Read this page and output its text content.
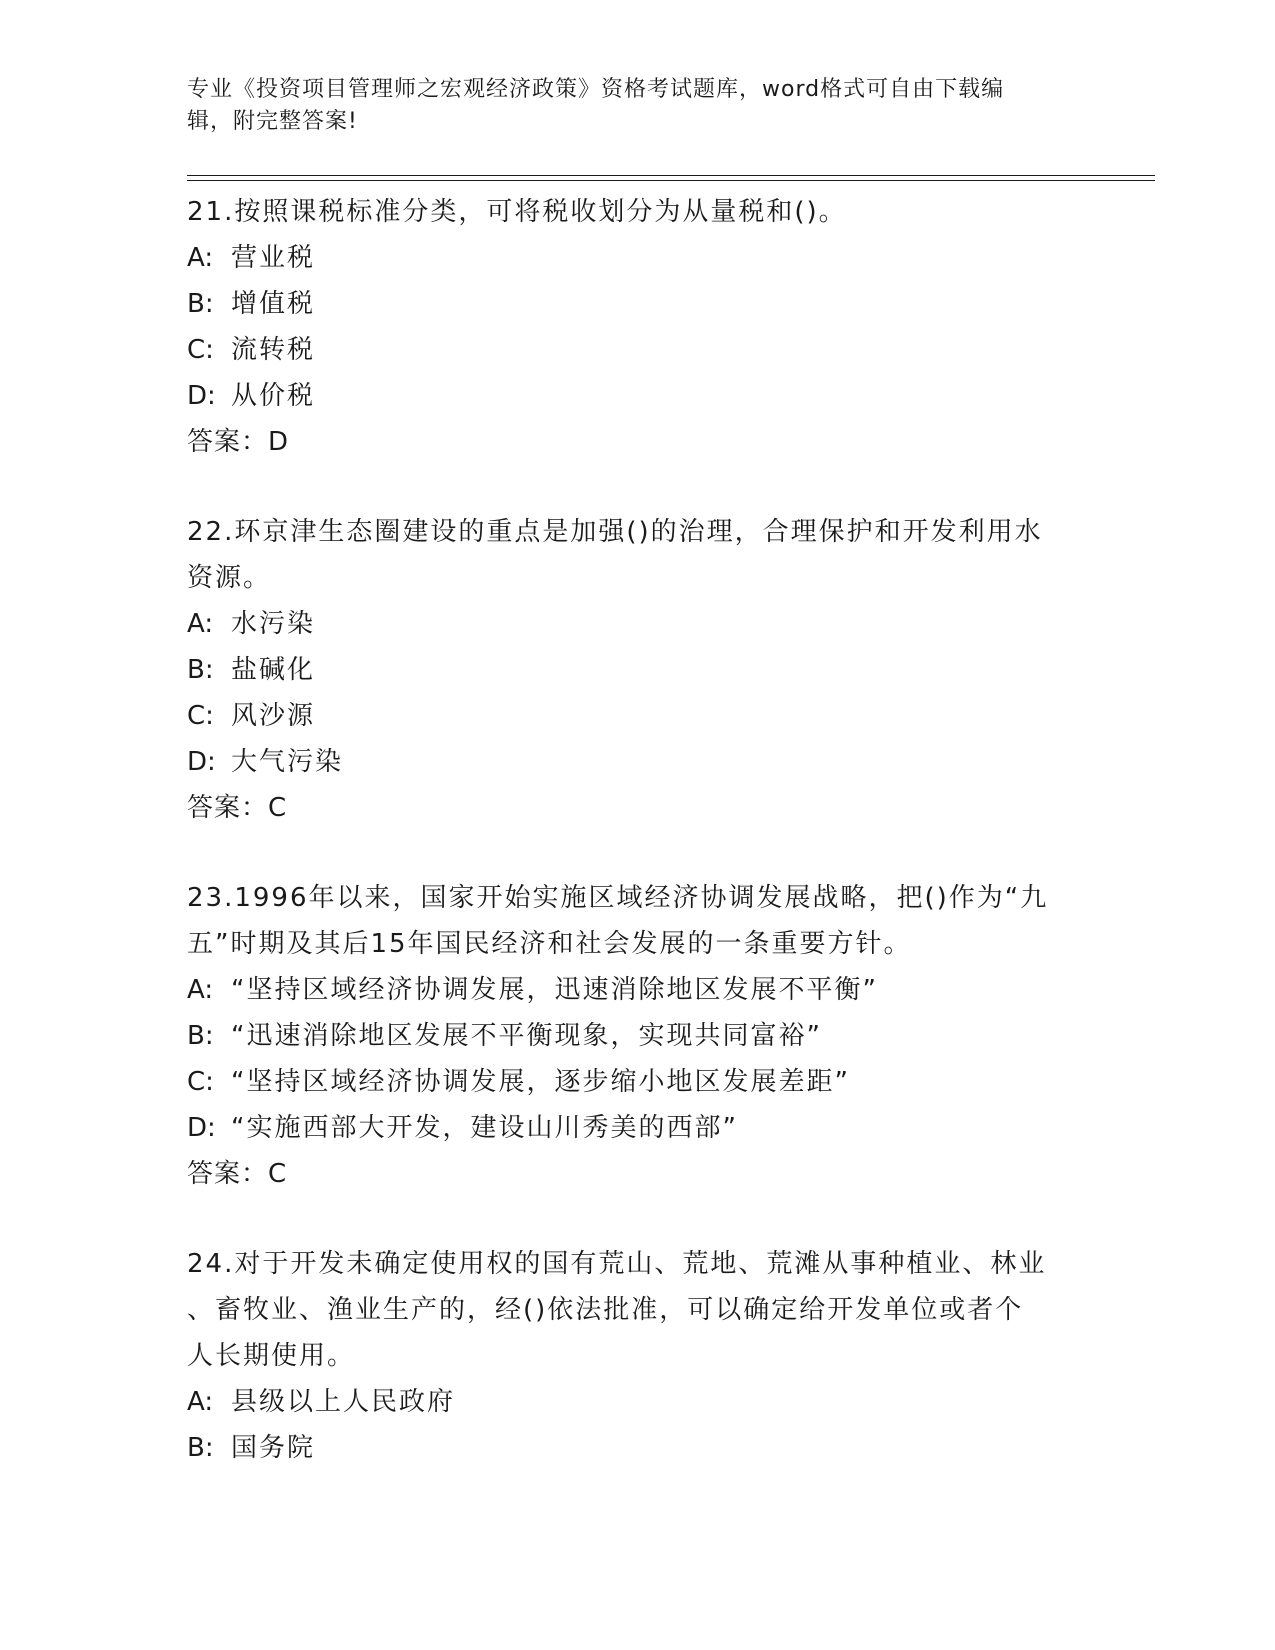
专业《投资项目管理师之宏观经济政策》资格考试题库，word格式可自由下载编
辑，附完整答案!
21.按照课税标准分类，可将税收划分为从量税和()。
A: 营业税
B: 增值税
C: 流转税
D: 从价税
答案：D
22.环京津生态圈建设的重点是加强()的治理，合理保护和开发利用水
资源。
A: 水污染
B: 盐碱化
C: 风沙源
D: 大气污染
答案：C
23.1996年以来，国家开始实施区域经济协调发展战略，把()作为“九
五”时期及其后15年国民经济和社会发展的一条重要方针。
A: “坚持区域经济协调发展，迅速消除地区发展不平衡”
B: “迅速消除地区发展不平衡现象，实现共同富裕”
C: “坚持区域经济协调发展，逐步缩小地区发展差距”
D: “实施西部大开发，建设山川秀美的西部”
答案：C
24.对于开发未确定使用权的国有荒山、荒地、荒滩从事种植业、林业
、畜牧业、渔业生产的，经()依法批准，可以确定给开发单位或者个
人长期使用。
A: 县级以上人民政府
B: 国务院
